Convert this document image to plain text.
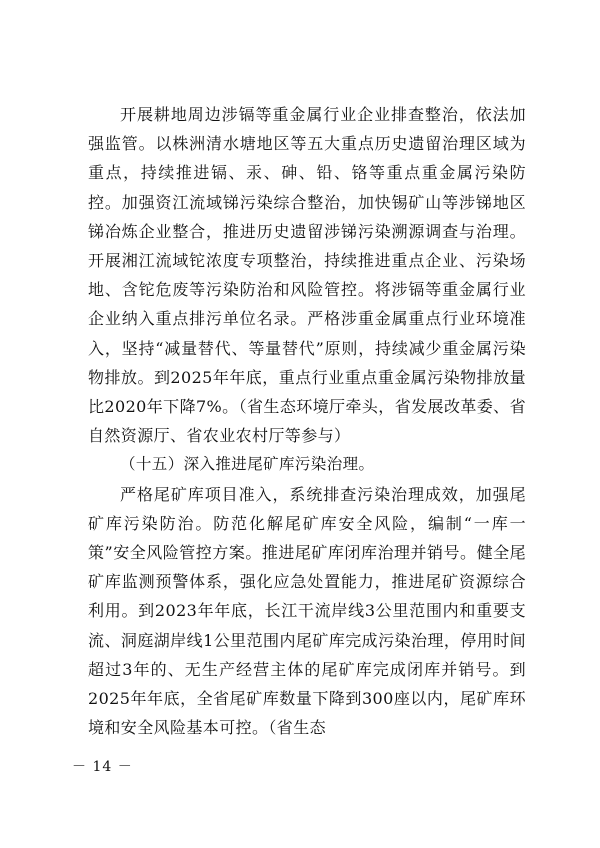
开展耕地周边涉镉等重金属行业企业排查整治，依法加强监管。以株洲清水塘地区等五大重点历史遗留治理区域为重点，持续推进镉、汞、砷、铅、铬等重点重金属污染防控。加强资江流域锑污染综合整治，加快锡矿山等涉锑地区锑冶炼企业整合，推进历史遗留涉锑污染溯源调查与治理。开展湘江流域铊浓度专项整治，持续推进重点企业、污染场地、含铊危废等污染防治和风险管控。将涉镉等重金属行业企业纳入重点排污单位名录。严格涉重金属重点行业环境准入，坚持“减量替代、等量替代”原则，持续减少重金属污染物排放。到2025年年底，重点行业重点重金属污染物排放量比2020年下降7%。（省生态环境厅牵头，省发展改革委、省自然资源厅、省农业农村厅等参与）

（十五）深入推进尾矿库污染治理。

严格尾矿库项目准入，系统排查污染治理成效，加强尾矿库污染防治。防范化解尾矿库安全风险，编制“一库一策”安全风险管控方案。推进尾矿库闭库治理并销号。健全尾矿库监测预警体系，强化应急处置能力，推进尾矿资源综合利用。到2023年年底，长江干流岸线3公里范围内和重要支流、洞庭湖岸线1公里范围内尾矿库完成污染治理，停用时间超过3年的、无生产经营主体的尾矿库完成闭库并销号。到2025年年底，全省尾矿库数量下降到300座以内，尾矿库环境和安全风险基本可控。（省生态

－ 14 －
